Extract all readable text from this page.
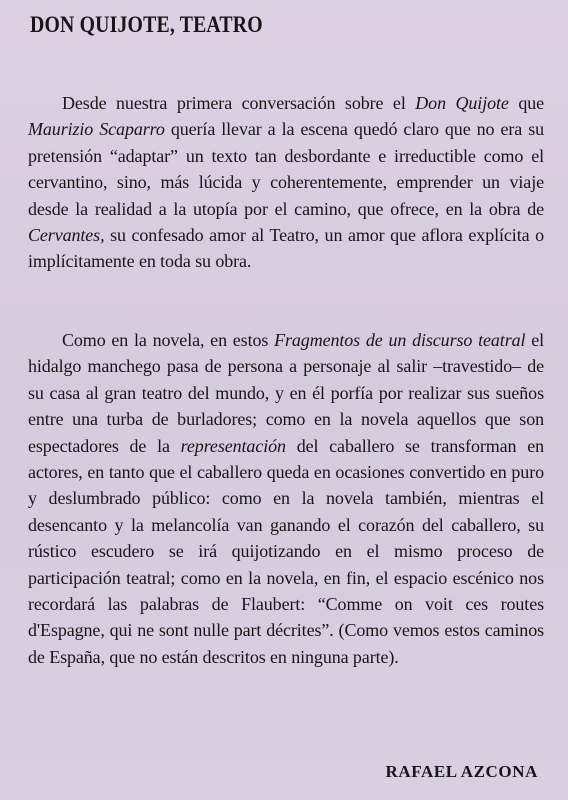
DON QUIJOTE, TEATRO

Desde nuestra primera conversación sobre el Don Quijote que Maurizio Scaparro quería llevar a la escena quedó claro que no era su pretensión “adaptar” un texto tan desbordante e irreductible como el cervantino, sino, más lúcida y coherentemente, emprender un viaje desde la realidad a la utopía por el camino, que ofrece, en la obra de Cervantes, su confesado amor al Teatro, un amor que aflora explícita o implícitamente en toda su obra.

Como en la novela, en estos Fragmentos de un discurso teatral el hidalgo manchego pasa de persona a personaje al salir –travestido– de su casa al gran teatro del mundo, y en él porfía por realizar sus sueños entre una turba de burladores; como en la novela aquellos que son espectadores de la representación del caballero se transforman en actores, en tanto que el caballero queda en ocasiones convertido en puro y deslumbrado público: como en la novela también, mientras el desencanto y la melancolía van ganando el corazón del caballero, su rústico escudero se irá quijotizando en el mismo proceso de participación teatral; como en la novela, en fin, el espacio escénico nos recordará las palabras de Flaubert: “Comme on voit ces routes d'Espagne, qui ne sont nulle part décrites”. (Como vemos estos caminos de España, que no están descritos en ninguna parte).

RAFAEL AZCONA
